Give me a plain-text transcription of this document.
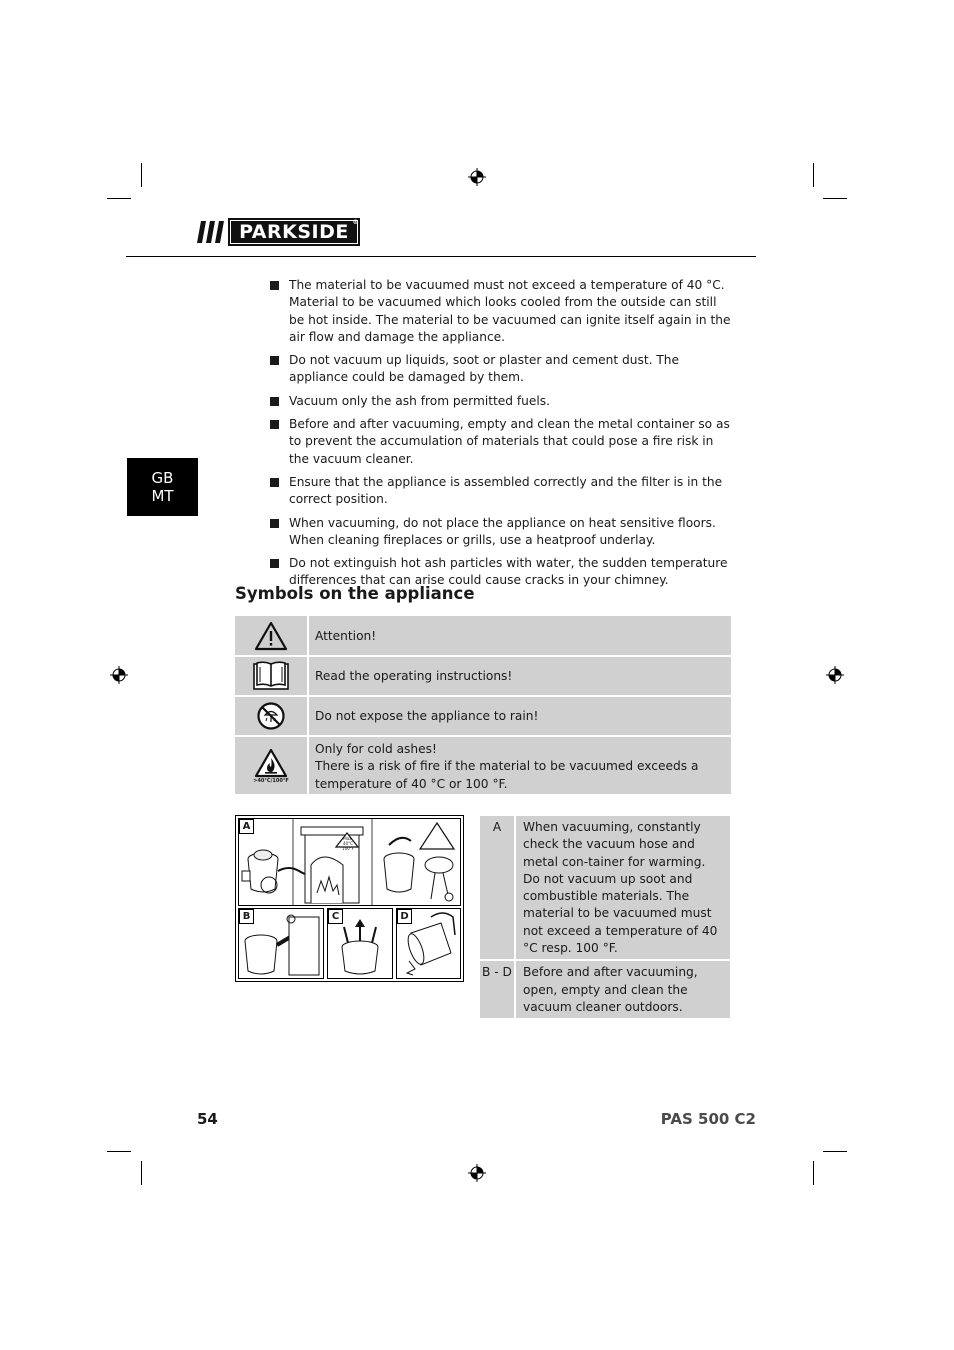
PARKSIDE ®
GB
MT
The material to be vacuumed must not exceed a temperature of 40 °C. Material to be vacuumed which looks cooled from the outside can still be hot inside. The material to be vacuumed can ignite itself again in the air flow and damage the appliance.
Do not vacuum up liquids, soot or plaster and cement dust. The appliance could be damaged by them.
Vacuum only the ash from permitted fuels.
Before and after vacuuming, empty and clean the metal container so as to prevent the accumulation of materials that could pose a fire risk in the vacuum cleaner.
Ensure that the appliance is assembled correctly and the filter is in the correct position.
When vacuuming, do not place the appliance on heat sensitive floors. When cleaning fireplaces or grills, use a heatproof underlay.
Do not extinguish hot ash particles with water, the sudden temperature differences that can arise could cause cracks in your chimney.
Symbols on the appliance
Attention!
Read the operating instructions!
Do not expose the appliance to rain!
>40°C/100°F
Only for cold ashes!
There is a risk of fire if the material to be vacuumed exceeds a temperature of 40 °C or 100 °F.
A
Max.
40°C
100°F
B	C	D
A	When vacuuming, constantly check the vacuum hose and metal con-tainer for warming. Do not vacuum up soot and combustible materials. The material to be vacuumed must not exceed a temperature of 40 °C resp. 100 °F.
B - D Before and after vacuuming, open, empty and clean the vacuum cleaner outdoors.
54	PAS 500 C2
